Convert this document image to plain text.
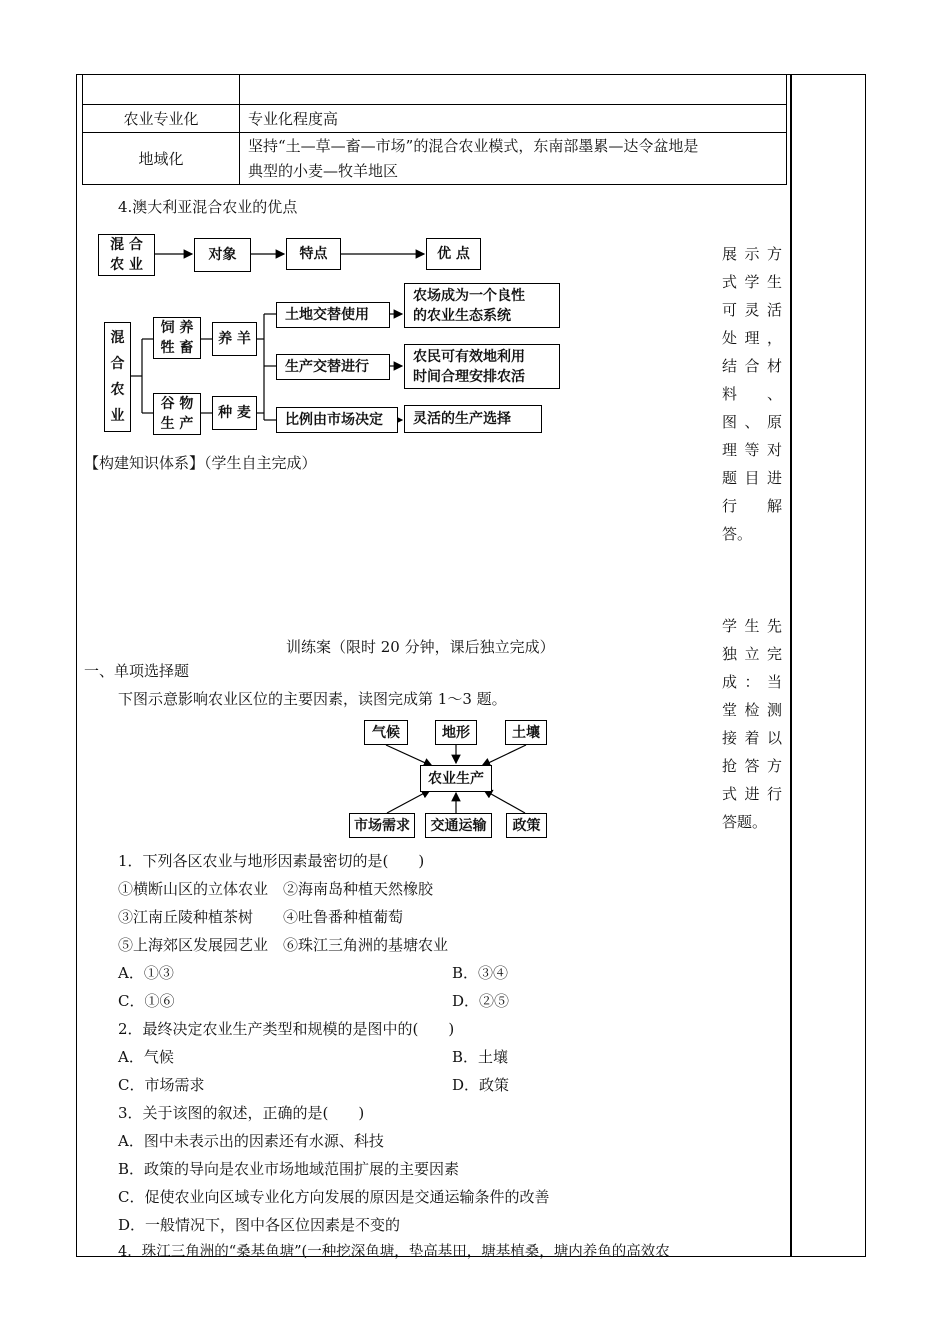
农业专业化	专业化程度高
地域化	坚持“土—草—畜—市场”的混合农业模式，东南部墨累—达令盆地是
典型的小麦—牧羊地区
4.澳大利亚混合农业的优点
混 合
农 业
对象	特点	优 点
混
合
农
业
饲 养
牲 畜
谷 物
生 产
养 羊
种 麦
土地交替使用
生产交替进行
比例由市场决定
农场成为一个良性
的农业生态系统
农民可有效地利用
时间合理安排农活
灵活的生产选择
【构建知识体系】（学生自主完成）
展示方
式学生
可灵活
处理，
结合材
料　、
图、原
理等对
题目进
行　解
答。
学生先
独立完
成：当
堂检测
接着以
抢答方
式进行
答题。
训练案（限时 20 分钟，课后独立完成）
一、单项选择题
下图示意影响农业区位的主要因素，读图完成第 1～3 题。
气候	地形	土壤
农业生产
市场需求	交通运输	政策
1．下列各区农业与地形因素最密切的是(　　)
①横断山区的立体农业　②海南岛种植天然橡胶
③江南丘陵种植茶树　　④吐鲁番种植葡萄
⑤上海郊区发展园艺业　⑥珠江三角洲的基塘农业
A．①③	B．③④
C．①⑥	D．②⑤
2．最终决定农业生产类型和规模的是图中的(　　)
A．气候	B．土壤
C．市场需求	D．政策
3．关于该图的叙述，正确的是(　　)
A．图中未表示出的因素还有水源、科技
B．政策的导向是农业市场地域范围扩展的主要因素
C．促使农业向区域专业化方向发展的原因是交通运输条件的改善
D．一般情况下，图中各区位因素是不变的
4．珠江三角洲的“桑基鱼塘”(一种挖深鱼塘，垫高基田，塘基植桑，塘内养鱼的高效农
